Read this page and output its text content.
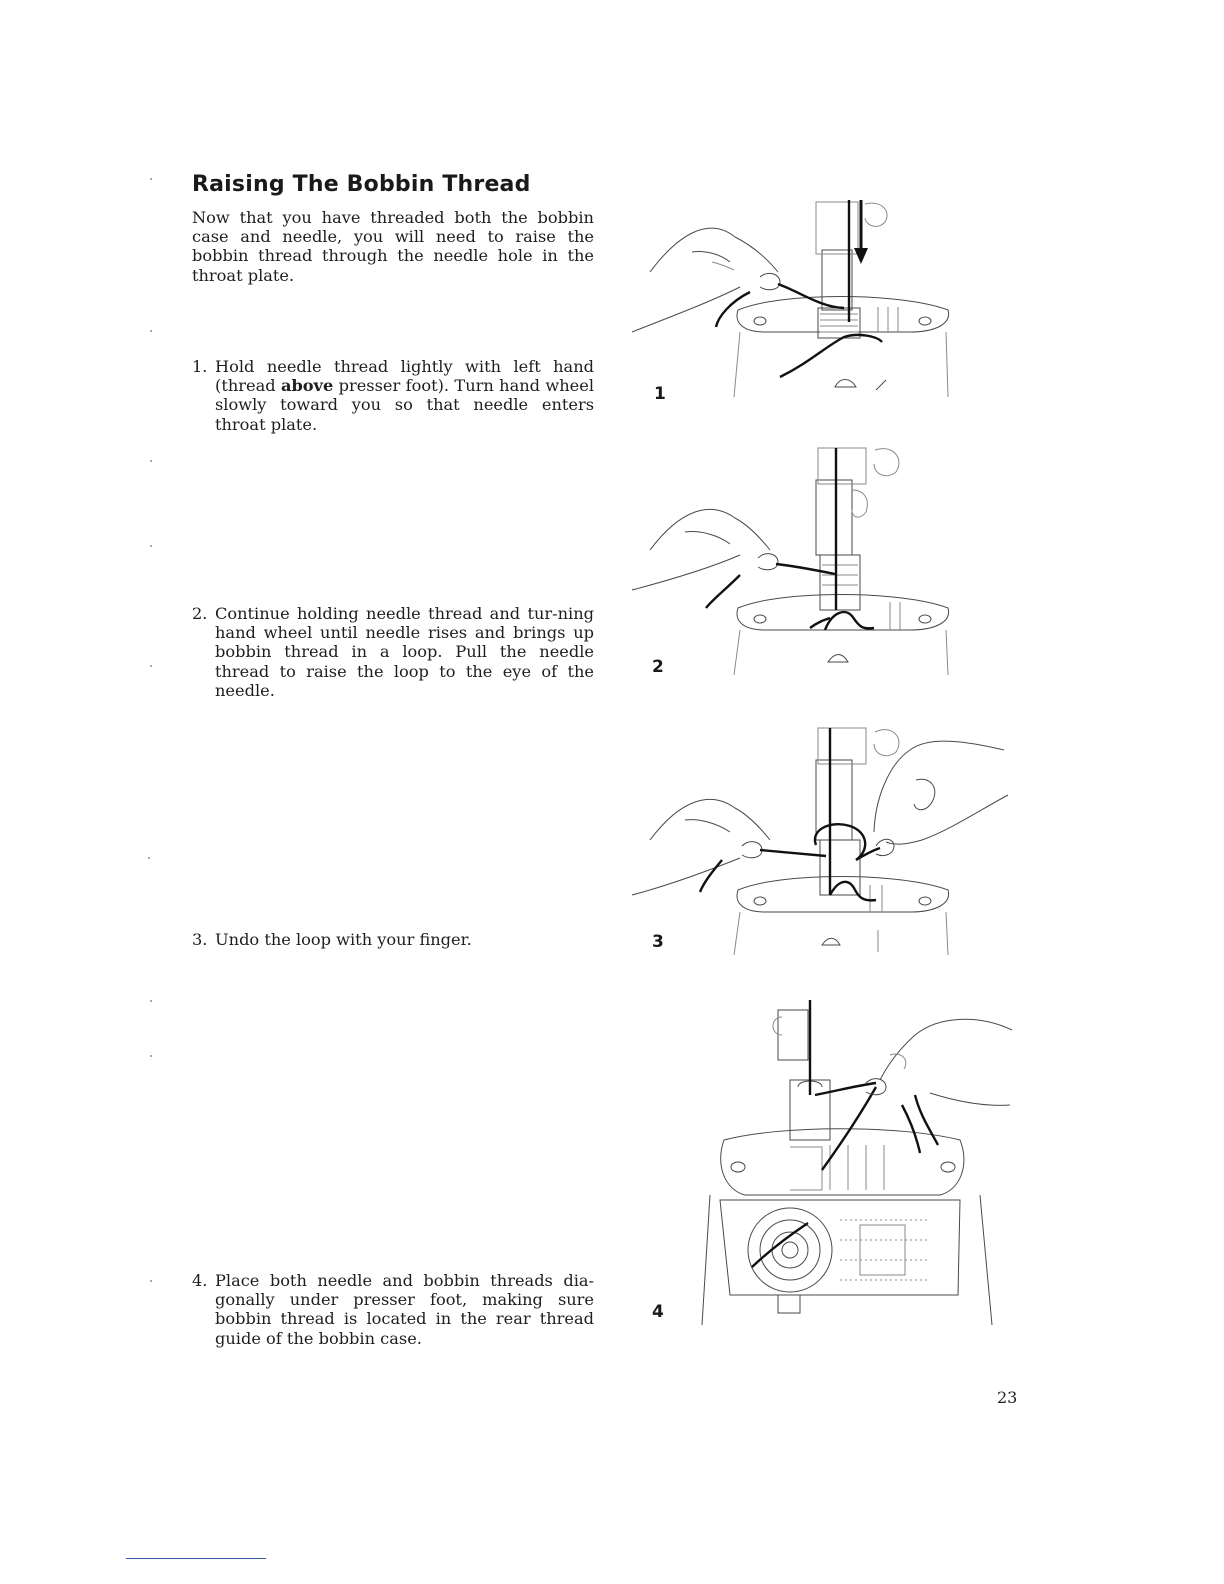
Raising The Bobbin Thread

Now that you have threaded both the bobbin case and needle, you will need to raise the bobbin thread through the needle hole in the throat plate.

1. Hold needle thread lightly with left hand (thread above presser foot). Turn hand wheel slowly toward you so that needle enters throat plate.

2. Continue holding needle thread and tur-ning hand wheel until needle rises and brings up bobbin thread in a loop. Pull the needle thread to raise the loop to the eye of the needle.

3. Undo the loop with your finger.

4. Place both needle and bobbin threads dia-gonally under presser foot, making sure bobbin thread is located in the rear thread guide of the bobbin case.

1
2
3
4
23
